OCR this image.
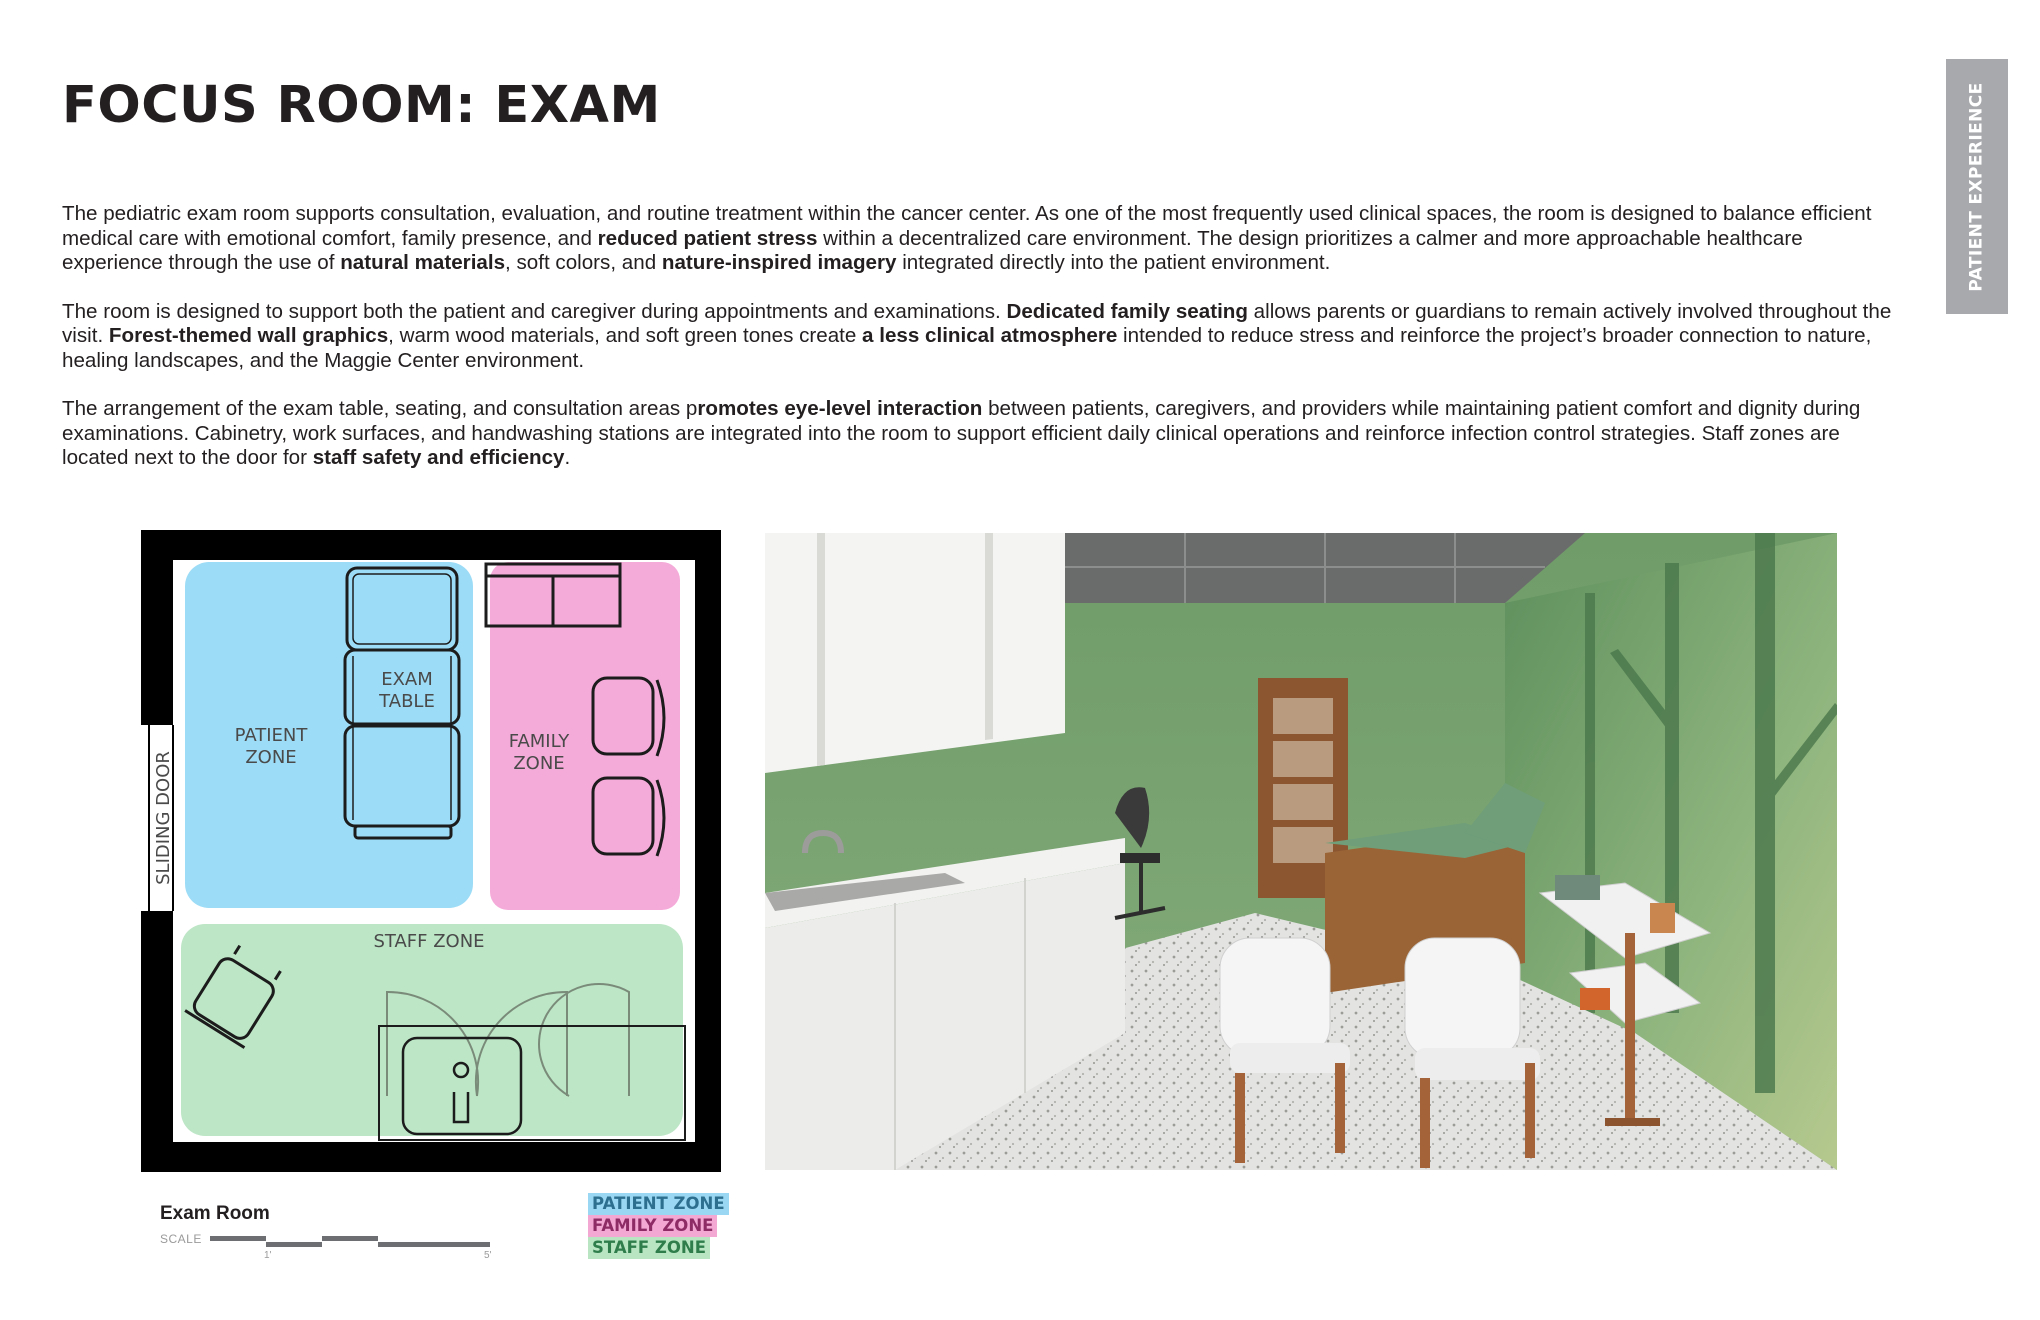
FOCUS ROOM: EXAM	PATIENT EXPERIENCE

The pediatric exam room supports consultation, evaluation, and routine treatment within the cancer center. As one of the most frequently used clinical spaces, the room is designed to balance efficient medical care with emotional comfort, family presence, and reduced patient stress within a decentralized care environment. The design prioritizes a calmer and more approachable healthcare experience through the use of natural materials, soft colors, and nature-inspired imagery integrated directly into the patient environment.

The room is designed to support both the patient and caregiver during appointments and examinations. Dedicated family seating allows parents or guardians to remain actively involved throughout the visit. Forest-themed wall graphics, warm wood materials, and soft green tones create a less clinical atmosphere intended to reduce stress and reinforce the project’s broader connection to nature, healing landscapes, and the Maggie Center environment.

The arrangement of the exam table, seating, and consultation areas promotes eye-level interaction between patients, caregivers, and providers while maintaining patient comfort and dignity during examinations. Cabinetry, work surfaces, and handwashing stations are integrated into the room to support efficient daily clinical operations and reinforce infection control strategies. Staff zones are located next to the door for staff safety and efficiency.

EXAM
TABLE
PATIENT
ZONE
FAMILY
ZONE
STAFF ZONE
SLIDING DOOR
Exam Room
SCALE
1'	5'
PATIENT ZONE
FAMILY ZONE
STAFF ZONE
